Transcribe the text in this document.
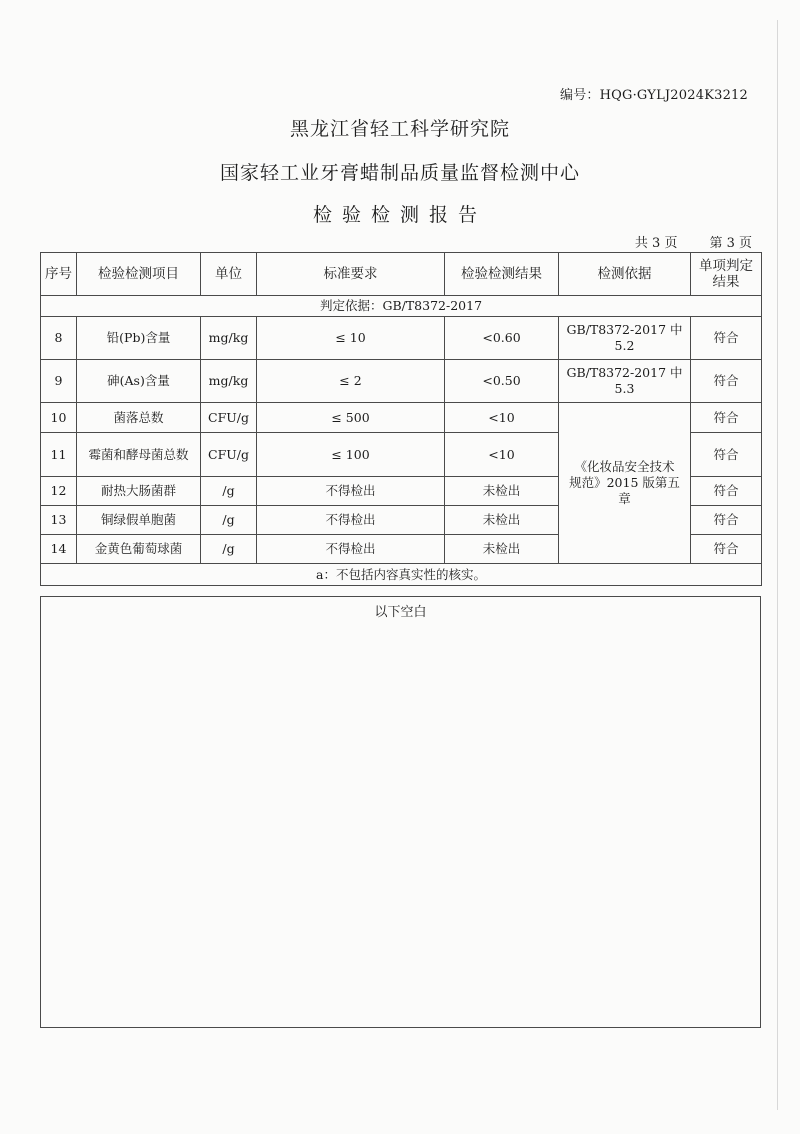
编号：HQG·GYLJ2024K3212
黑龙江省轻工科学研究院
国家轻工业牙膏蜡制品质量监督检测中心
检验检测报告
共 3 页 第 3 页
序号	检验检测项目	单位	标准要求	检验检测结果	检测依据	单项判定结果
判定依据：GB/T8372-2017						
8	铅(Pb)含量	mg/kg	≤ 10	<0.60	GB/T8372-2017 中 5.2	符合
9	砷(As)含量	mg/kg	≤ 2	<0.50	GB/T8372-2017 中 5.3	符合
10	菌落总数	CFU/g	≤ 500	<10	《化妆品安全技术规范》2015 版第五章	符合
11	霉菌和酵母菌总数	CFU/g	≤ 100	<10		符合
12	耐热大肠菌群	/g	不得检出	未检出		符合
13	铜绿假单胞菌	/g	不得检出	未检出		符合
14	金黄色葡萄球菌	/g	不得检出	未检出		符合
a：不包括内容真实性的核实。						
以下空白
